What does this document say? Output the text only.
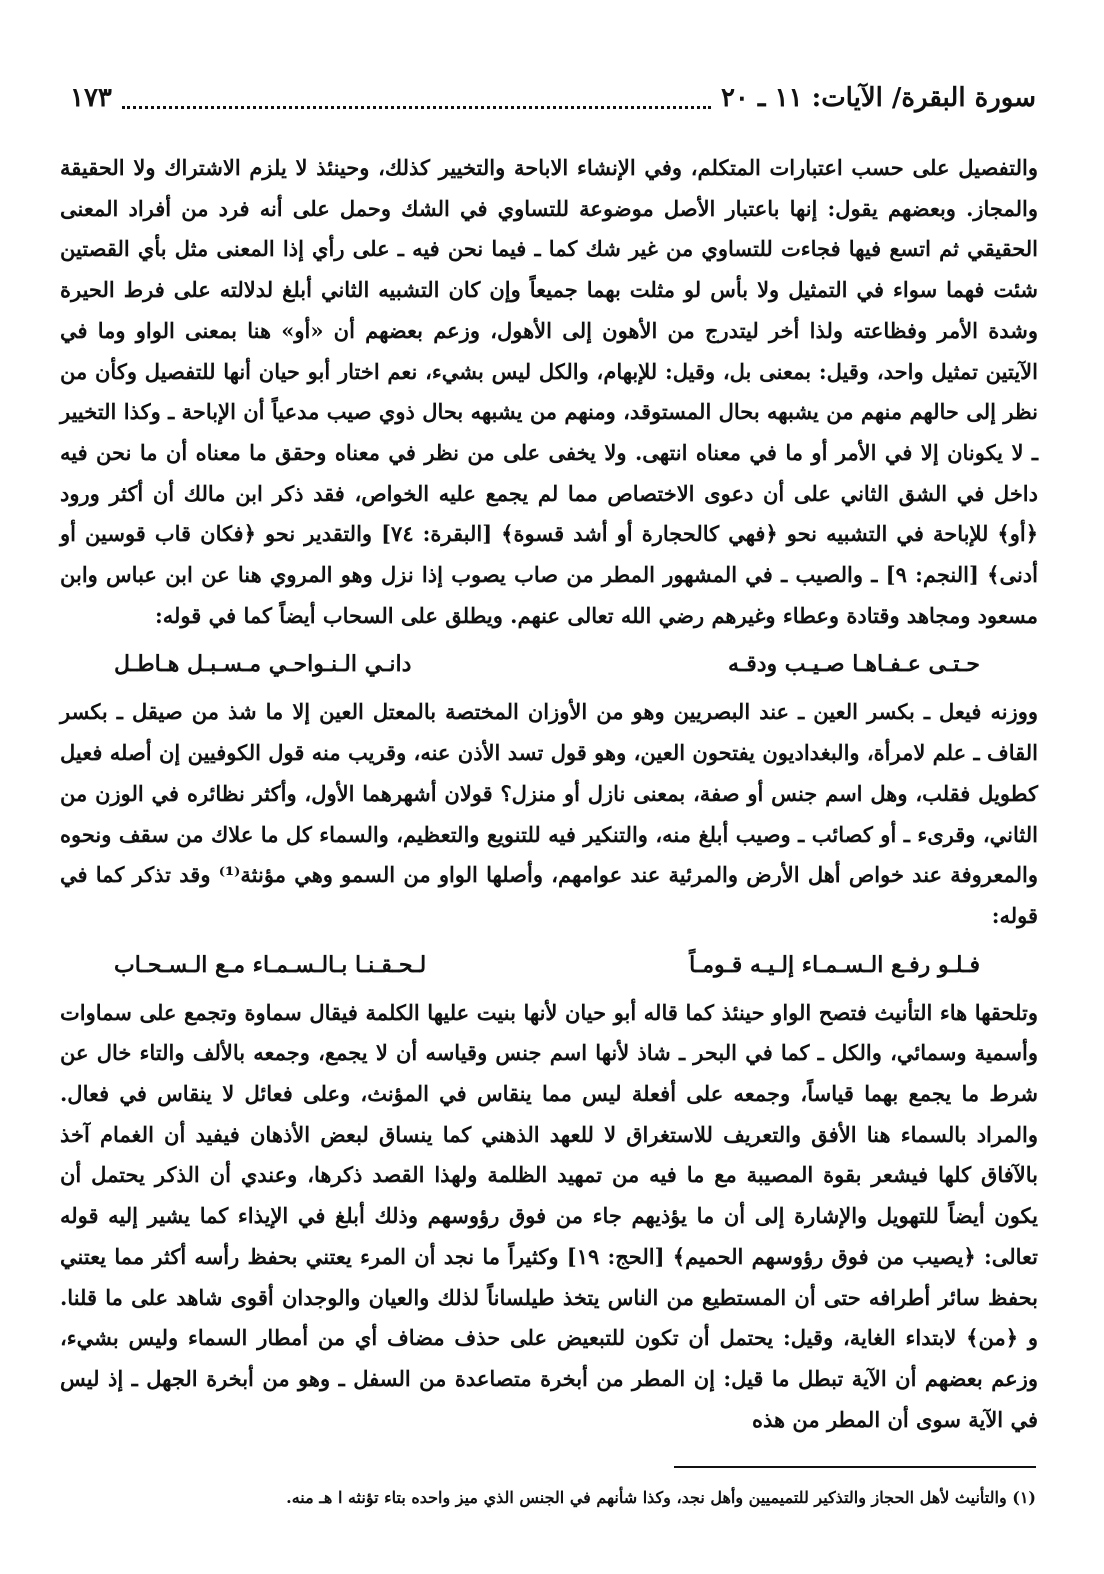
سورة البقرة/ الآيات: ١١ ـ ٢٠
١٧٣

والتفصيل على حسب اعتبارات المتكلم، وفي الإنشاء الاباحة والتخيير كذلك، وحينئذ لا يلزم الاشتراك ولا الحقيقة والمجاز. وبعضهم يقول: إنها باعتبار الأصل موضوعة للتساوي في الشك وحمل على أنه فرد من أفراد المعنى الحقيقي ثم اتسع فيها فجاءت للتساوي من غير شك كما ـ فيما نحن فيه ـ على رأي إذا المعنى مثل بأي القصتين شئت فهما سواء في التمثيل ولا بأس لو مثلت بهما جميعاً وإن كان التشبيه الثاني أبلغ لدلالته على فرط الحيرة وشدة الأمر وفظاعته ولذا أخر ليتدرج من الأهون إلى الأهول، وزعم بعضهم أن «أو» هنا بمعنى الواو وما في الآيتين تمثيل واحد، وقيل: بمعنى بل، وقيل: للإبهام، والكل ليس بشيء، نعم اختار أبو حيان أنها للتفصيل وكأن من نظر إلى حالهم منهم من يشبهه بحال المستوقد، ومنهم من يشبهه بحال ذوي صيب مدعياً أن الإباحة ـ وكذا التخيير ـ لا يكونان إلا في الأمر أو ما في معناه انتهى. ولا يخفى على من نظر في معناه وحقق ما معناه أن ما نحن فيه داخل في الشق الثاني على أن دعوى الاختصاص مما لم يجمع عليه الخواص، فقد ذكر ابن مالك أن أكثر ورود ﴿أو﴾ للإباحة في التشبيه نحو ﴿فهي كالحجارة أو أشد قسوة﴾ [البقرة: ٧٤] والتقدير نحو ﴿فكان قاب قوسين أو أدنى﴾ [النجم: ٩] ـ والصيب ـ في المشهور المطر من صاب يصوب إذا نزل وهو المروي هنا عن ابن عباس وابن مسعود ومجاهد وقتادة وعطاء وغيرهم رضي الله تعالى عنهم. ويطلق على السحاب أيضاً كما في قوله:

حـتـى عـفـاهـا صـيـب ودقـه
دانـي الـنـواحـي مـسـبـل هـاطـل

ووزنه فيعل ـ بكسر العين ـ عند البصريين وهو من الأوزان المختصة بالمعتل العين إلا ما شذ من صيقل ـ بكسر القاف ـ علم لامرأة، والبغداديون يفتحون العين، وهو قول تسد الأذن عنه، وقريب منه قول الكوفيين إن أصله فعيل كطويل فقلب، وهل اسم جنس أو صفة، بمعنى نازل أو منزل؟ قولان أشهرهما الأول، وأكثر نظائره في الوزن من الثاني، وقرىء ـ أو كصائب ـ وصيب أبلغ منه، والتنكير فيه للتنويع والتعظيم، والسماء كل ما علاك من سقف ونحوه والمعروفة عند خواص أهل الأرض والمرئية عند عوامهم، وأصلها الواو من السمو وهي مؤنثة⁽¹⁾ وقد تذكر كما في قوله:

فـلـو رفـع الـسـمـاء إلـيـه قـومـاً
لـحـقـنـا بـالـسـمـاء مـع الـسـحـاب

وتلحقها هاء التأنيث فتصح الواو حينئذ كما قاله أبو حيان لأنها بنيت عليها الكلمة فيقال سماوة وتجمع على سماوات وأسمية وسمائي، والكل ـ كما في البحر ـ شاذ لأنها اسم جنس وقياسه أن لا يجمع، وجمعه بالألف والتاء خال عن شرط ما يجمع بهما قياساً، وجمعه على أفعلة ليس مما ينقاس في المؤنث، وعلى فعائل لا ينقاس في فعال. والمراد بالسماء هنا الأفق والتعريف للاستغراق لا للعهد الذهني كما ينساق لبعض الأذهان فيفيد أن الغمام آخذ بالآفاق كلها فيشعر بقوة المصيبة مع ما فيه من تمهيد الظلمة ولهذا القصد ذكرها، وعندي أن الذكر يحتمل أن يكون أيضاً للتهويل والإشارة إلى أن ما يؤذيهم جاء من فوق رؤوسهم وذلك أبلغ في الإيذاء كما يشير إليه قوله تعالى: ﴿يصيب من فوق رؤوسهم الحميم﴾ [الحج: ١٩] وكثيراً ما نجد أن المرء يعتني بحفظ رأسه أكثر مما يعتني بحفظ سائر أطرافه حتى أن المستطيع من الناس يتخذ طيلساناً لذلك والعيان والوجدان أقوى شاهد على ما قلنا. و ﴿من﴾ لابتداء الغاية، وقيل: يحتمل أن تكون للتبعيض على حذف مضاف أي من أمطار السماء وليس بشيء، وزعم بعضهم أن الآية تبطل ما قيل: إن المطر من أبخرة متصاعدة من السفل ـ وهو من أبخرة الجهل ـ إذ ليس في الآية سوى أن المطر من هذه

(١) والتأنيث لأهل الحجاز والتذكير للتميميين وأهل نجد، وكذا شأنهم في الجنس الذي ميز واحده بتاء تؤنثه ا هـ منه.
